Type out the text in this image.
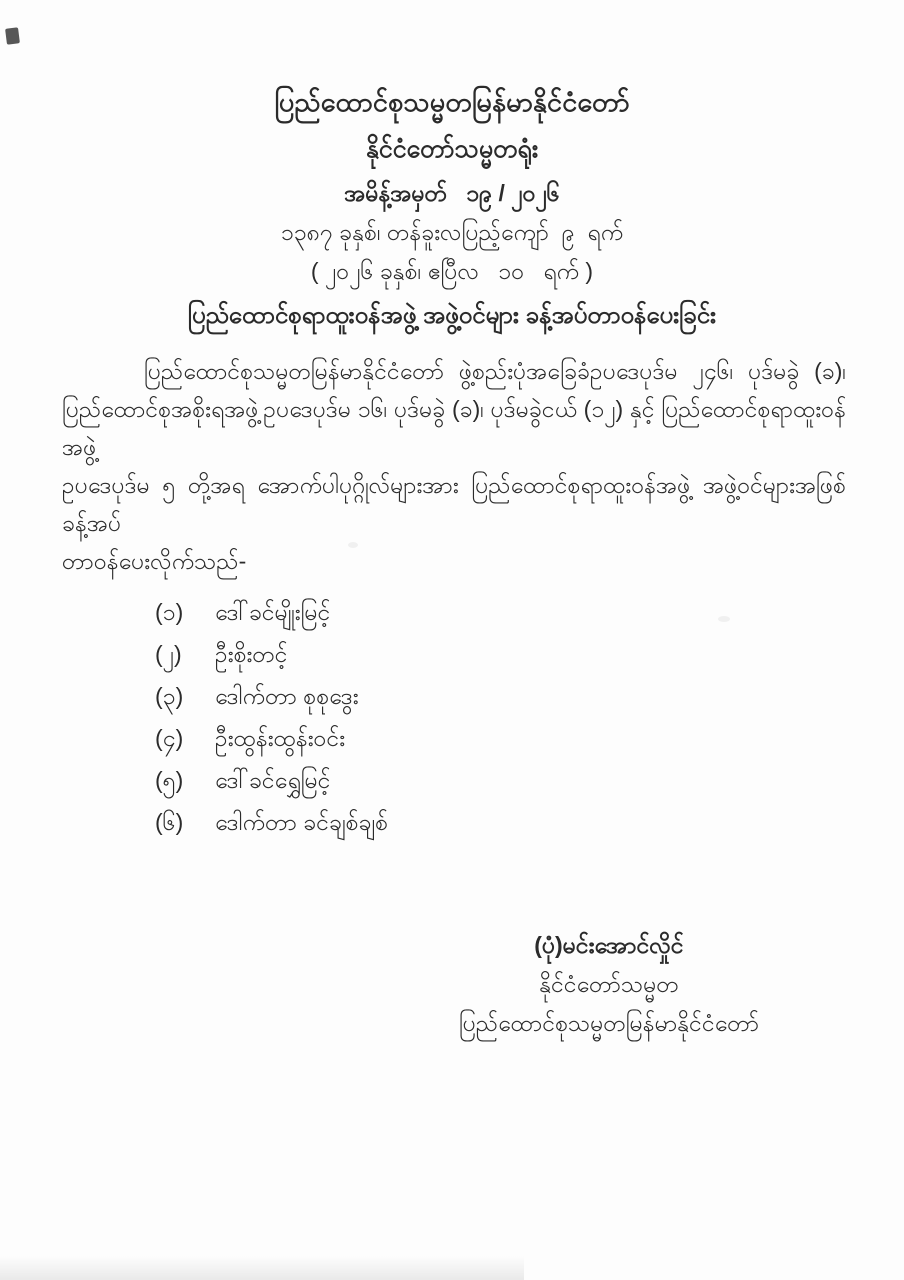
ပြည်ထောင်စုသမ္မတမြန်မာနိုင်ငံတော်
နိုင်ငံတော်သမ္မတရုံး
အမိန့်အမှတ်   ၁၉ / ၂၀၂၆
၁၃၈၇ ခုနှစ်၊ တန်ခူးလပြည့်ကျော်  ၉  ရက်
( ၂၀၂၆ ခုနှစ်၊ ဧပြီလ   ၁၀   ရက် )
ပြည်ထောင်စုရာထူးဝန်အဖွဲ့ အဖွဲ့ဝင်များ ခန့်အပ်တာဝန်ပေးခြင်း
ပြည်ထောင်စုသမ္မတမြန်မာနိုင်ငံတော် ဖွဲ့စည်းပုံအခြေခံဥပဒေပုဒ်မ ၂၄၆၊ ပုဒ်မခွဲ (ခ)၊
ပြည်ထောင်စုအစိုးရအဖွဲ့ဥပဒေပုဒ်မ ၁၆၊ ပုဒ်မခွဲ (ခ)၊ ပုဒ်မခွဲငယ် (၁၂) နှင့် ပြည်ထောင်စုရာထူးဝန်အဖွဲ့
ဥပဒေပုဒ်မ ၅ တို့အရ အောက်ပါပုဂ္ဂိုလ်များအား ပြည်ထောင်စုရာထူးဝန်အဖွဲ့ အဖွဲ့ဝင်များအဖြစ် ခန့်အပ်
တာဝန်ပေးလိုက်သည်-
(၁)	ဒေါ်ခင်မျိုးမြင့်
(၂)	ဦးစိုးတင့်
(၃)	ဒေါက်တာ စုစုဒွေး
(၄)	ဦးထွန်းထွန်းဝင်း
(၅)	ဒေါ်ခင်ရွှေမြင့်
(၆)	ဒေါက်တာ ခင်ချစ်ချစ်
(ပုံ)မင်းအောင်လှိုင်
နိုင်ငံတော်သမ္မတ
ပြည်ထောင်စုသမ္မတမြန်မာနိုင်ငံတော်
